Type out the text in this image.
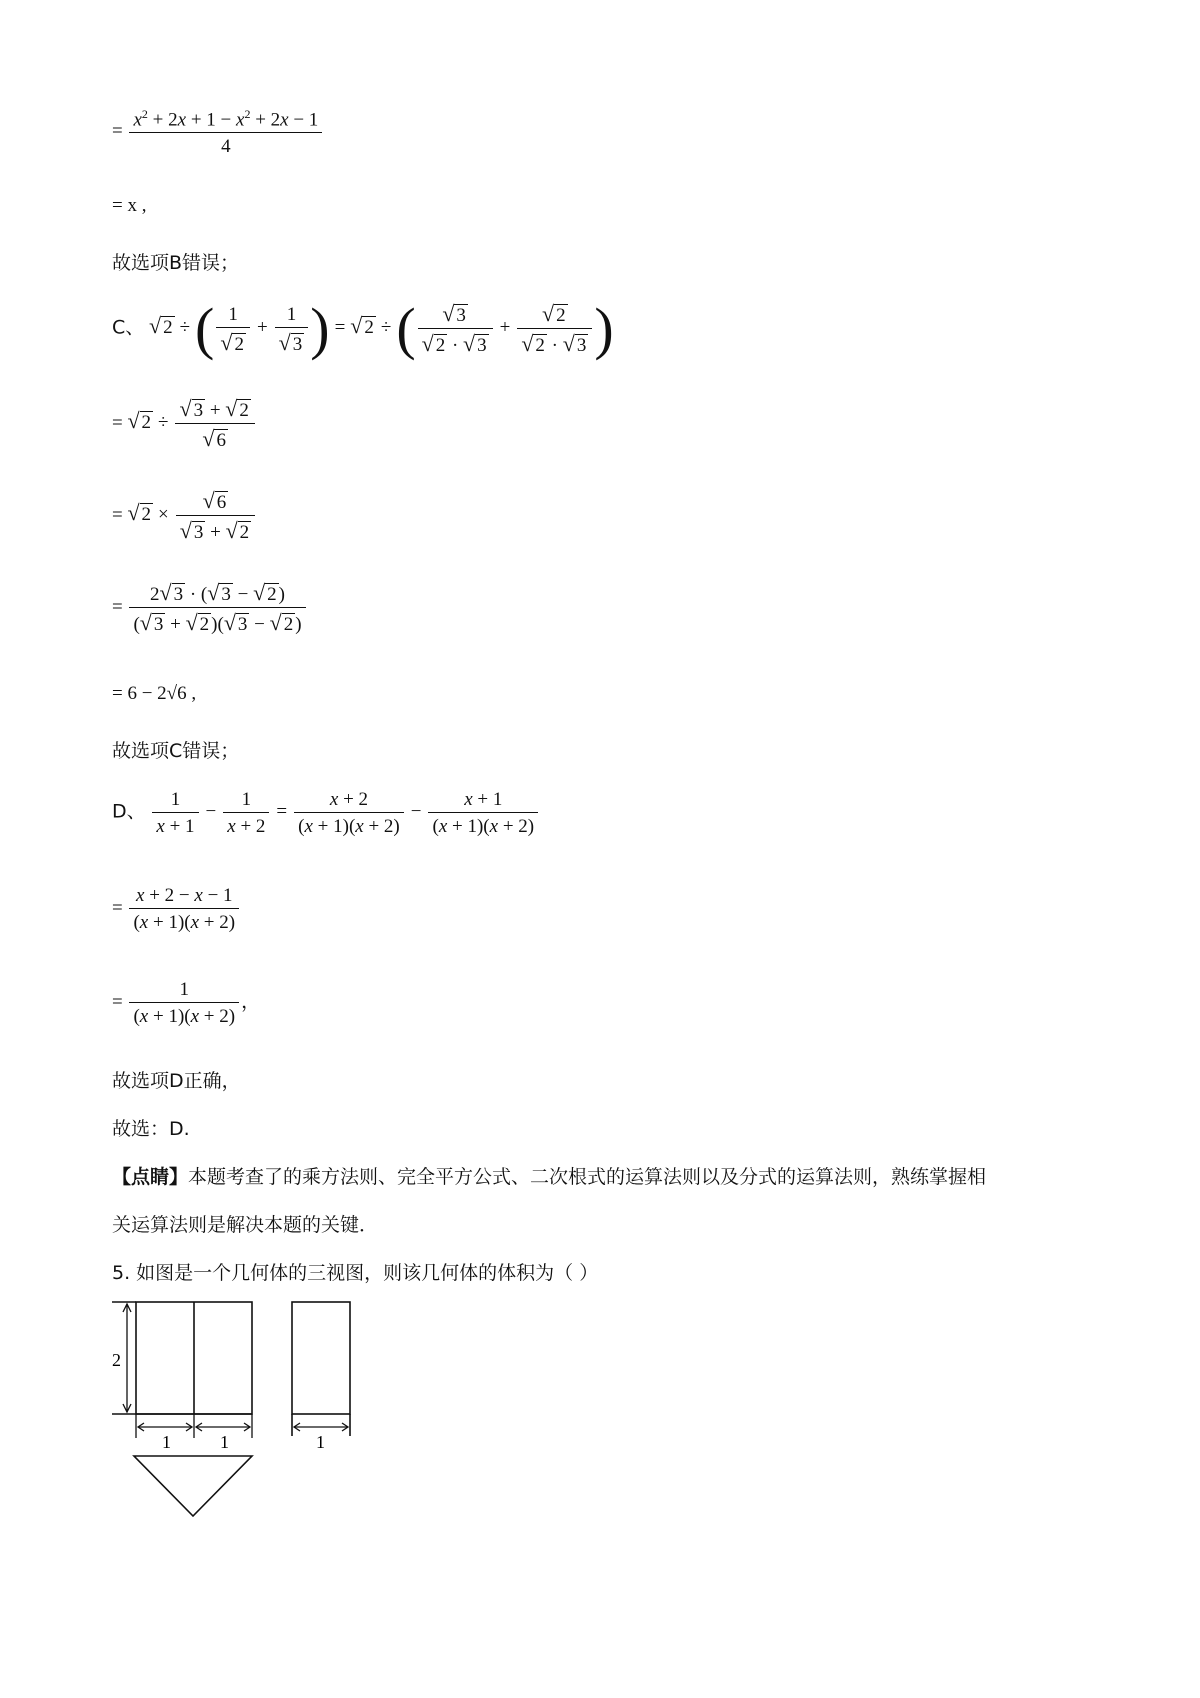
= $\frac{x^2 + 2x + 1 - x^2 + 2x - 1}{4}$
= x ,
故选项B错误；
C、 √ 2 ÷( $\frac{1}{√ 2} + \frac{1}{√ 3}$ ) = √ 2 ÷( $\frac{√ 3}{√ 2 \cdot √ 3} + \frac{√ 2}{√ 2 \cdot √ 3}$ )
= √ $2 \div \frac{√ 3 + √ 2}{√ 6}$
= √ $2 \times \frac{√ 6}{√ 3 + √ 2}$
= $\frac{2√ 3 \cdot (√ 3 - √ 2 )}{(√ 3 + √ 2 )(√ 3 - √ 2 )}$
= 6 − 2√6 ,
故选项C错误；
D、 $\frac{1}{x + 1} - \frac{1}{x + 2} = \frac{x + 2}{(x + 1)(x + 2)} - \frac{x + 1}{(x + 1)(x + 2)}$
= $\frac{x + 2 - x - 1}{(x + 1)(x + 2)}$
= $\frac{1}{(x + 1)(x + 2)}$ ，
故选项D正确，
故选：D.
【点睛】本题考查了的乘方法则、完全平方公式、二次根式的运算法则以及分式的运算法则，熟练掌握相
关运算法则是解决本题的关键．
5. 如图是一个几何体的三视图，则该几何体的体积为（ ）
2
1	1	1
